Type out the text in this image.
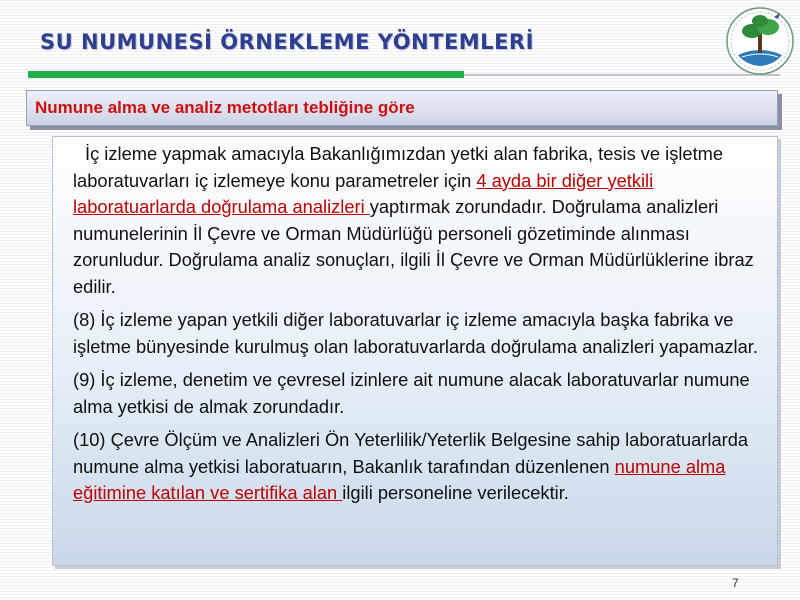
SU NUMUNESİ ÖRNEKLEME YÖNTEMLERİ
Numune alma ve analiz metotları tebliğine göre

İç izleme yapmak amacıyla Bakanlığımızdan yetki alan fabrika, tesis ve işletme laboratuvarları iç izlemeye konu parametreler için 4 ayda bir diğer yetkili laboratuarlarda doğrulama analizleri yaptırmak zorundadır. Doğrulama analizleri numunelerinin İl Çevre ve Orman Müdürlüğü personeli gözetiminde alınması zorunludur. Doğrulama analiz sonuçları, ilgili İl Çevre ve Orman Müdürlüklerine ibraz edilir.

(8) İç izleme yapan yetkili diğer laboratuvarlar iç izleme amacıyla başka fabrika ve işletme bünyesinde kurulmuş olan laboratuvarlarda doğrulama analizleri yapamazlar.

(9) İç izleme, denetim ve çevresel izinlere ait numune alacak laboratuvarlar numune alma yetkisi de almak zorundadır.

(10) Çevre Ölçüm ve Analizleri Ön Yeterlilik/Yeterlik Belgesine sahip laboratuarlarda numune alma yetkisi laboratuarın, Bakanlık tarafından düzenlenen numune alma eğitimine katılan ve sertifika alan ilgili personeline verilecektir.

7
